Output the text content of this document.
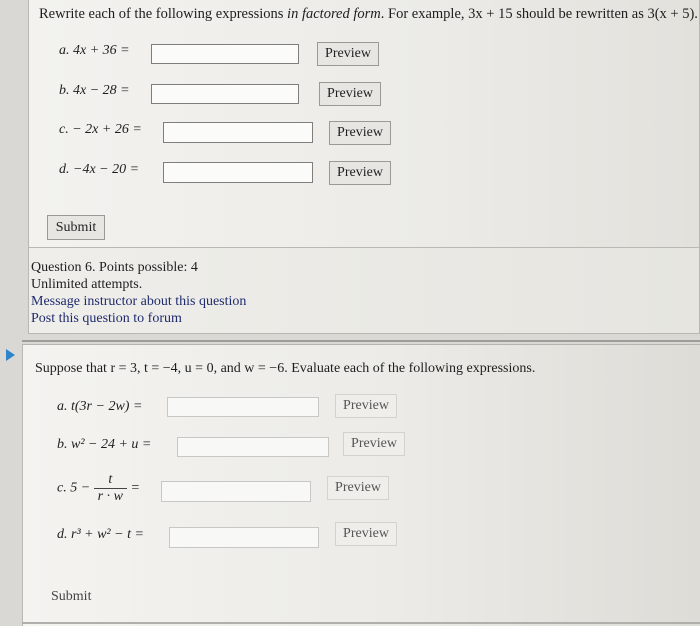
Rewrite each of the following expressions in factored form. For example, 3x + 15 should be rewritten as 3(x + 5).
a. 4x + 36 =	Preview
b. 4x − 28 =	Preview
c. − 2x + 26 =	Preview
d. −4x − 20 =	Preview
Submit
Question 6. Points possible: 4
Unlimited attempts.
Message instructor about this question
Post this question to forum
Suppose that r = 3, t = −4, u = 0, and w = −6. Evaluate each of the following expressions.
a. t(3r − 2w) =	Preview
b. w² − 24 + u =	Preview
c. $5 - \frac{t}{r \cdot w}$ =	Preview
d. r³ + w² − t =	Preview
Submit
